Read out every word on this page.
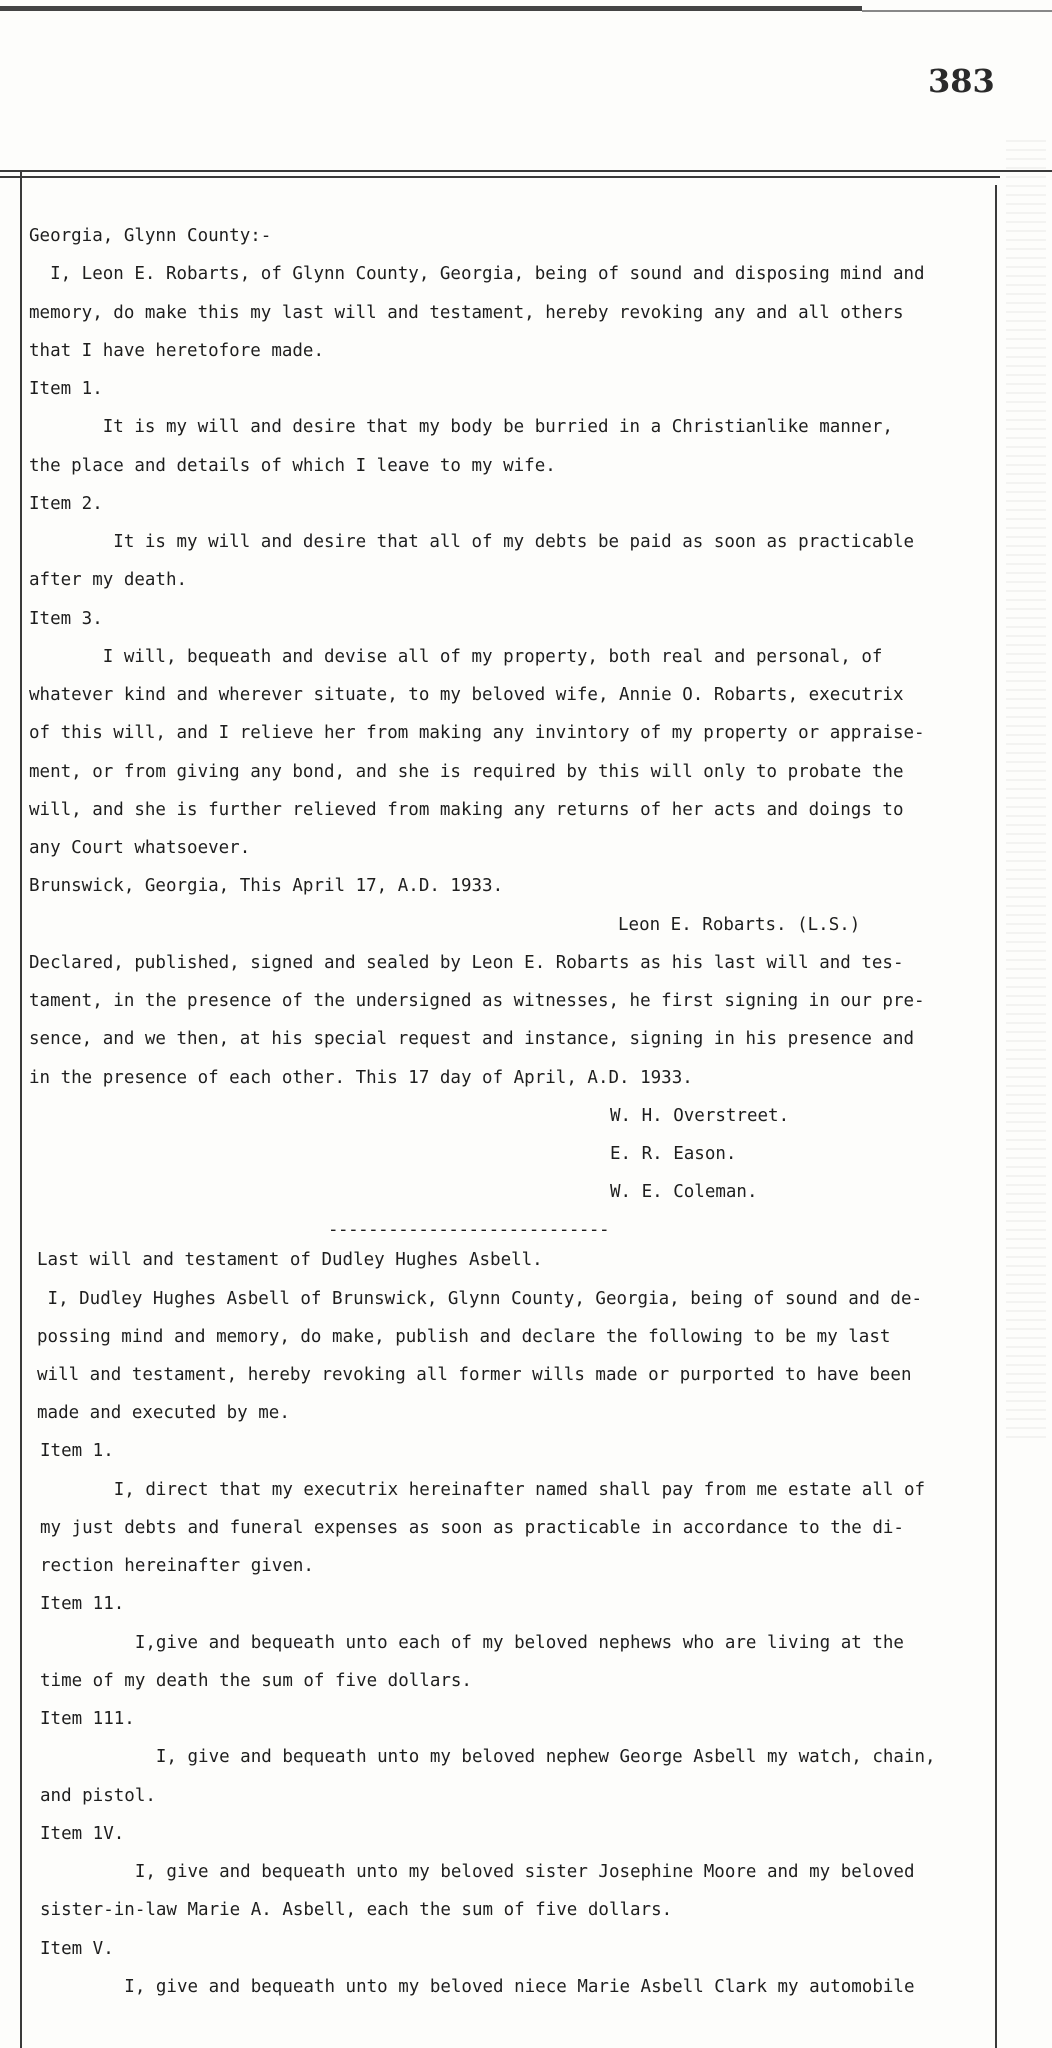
383
Georgia, Glynn County:-
I, Leon E. Robarts, of Glynn County, Georgia, being of sound and disposing mind and
memory, do make this my last will and testament, hereby revoking any and all others
that I have heretofore made.
Item 1.
It is my will and desire that my body be burried in a Christianlike manner,
the place and details of which I leave to my wife.
Item 2.
It is my will and desire that all of my debts be paid as soon as practicable
after my death.
Item 3.
I will, bequeath and devise all of my property, both real and personal, of
whatever kind and wherever situate, to my beloved wife, Annie O. Robarts, executrix
of this will, and I relieve her from making any invintory of my property or appraise-
ment, or from giving any bond, and she is required by this will only to probate the
will, and she is further relieved from making any returns of her acts and doings to
any Court whatsoever.
Brunswick, Georgia, This April 17, A.D. 1933.
Leon E. Robarts. (L.S.)
Declared, published, signed and sealed by Leon E. Robarts as his last will and tes-
tament, in the presence of the undersigned as witnesses, he first signing in our pre-
sence, and we then, at his special request and instance, signing in his presence and
in the presence of each other. This 17 day of April, A.D. 1933.
W. H. Overstreet.
E. R. Eason.
W. E. Coleman.
----------------------------
Last will and testament of Dudley Hughes Asbell.
I, Dudley Hughes Asbell of Brunswick, Glynn County, Georgia, being of sound and de-
possing mind and memory, do make, publish and declare the following to be my last
will and testament, hereby revoking all former wills made or purported to have been
made and executed by me.
Item 1.
I, direct that my executrix hereinafter named shall pay from me estate all of
my just debts and funeral expenses as soon as practicable in accordance to the di-
rection hereinafter given.
Item 11.
I,give and bequeath unto each of my beloved nephews who are living at the
time of my death the sum of five dollars.
Item 111.
I, give and bequeath unto my beloved nephew George Asbell my watch, chain,
and pistol.
Item 1V.
I, give and bequeath unto my beloved sister Josephine Moore and my beloved
sister-in-law Marie A. Asbell, each the sum of five dollars.
Item V.
I, give and bequeath unto my beloved niece Marie Asbell Clark my automobile
